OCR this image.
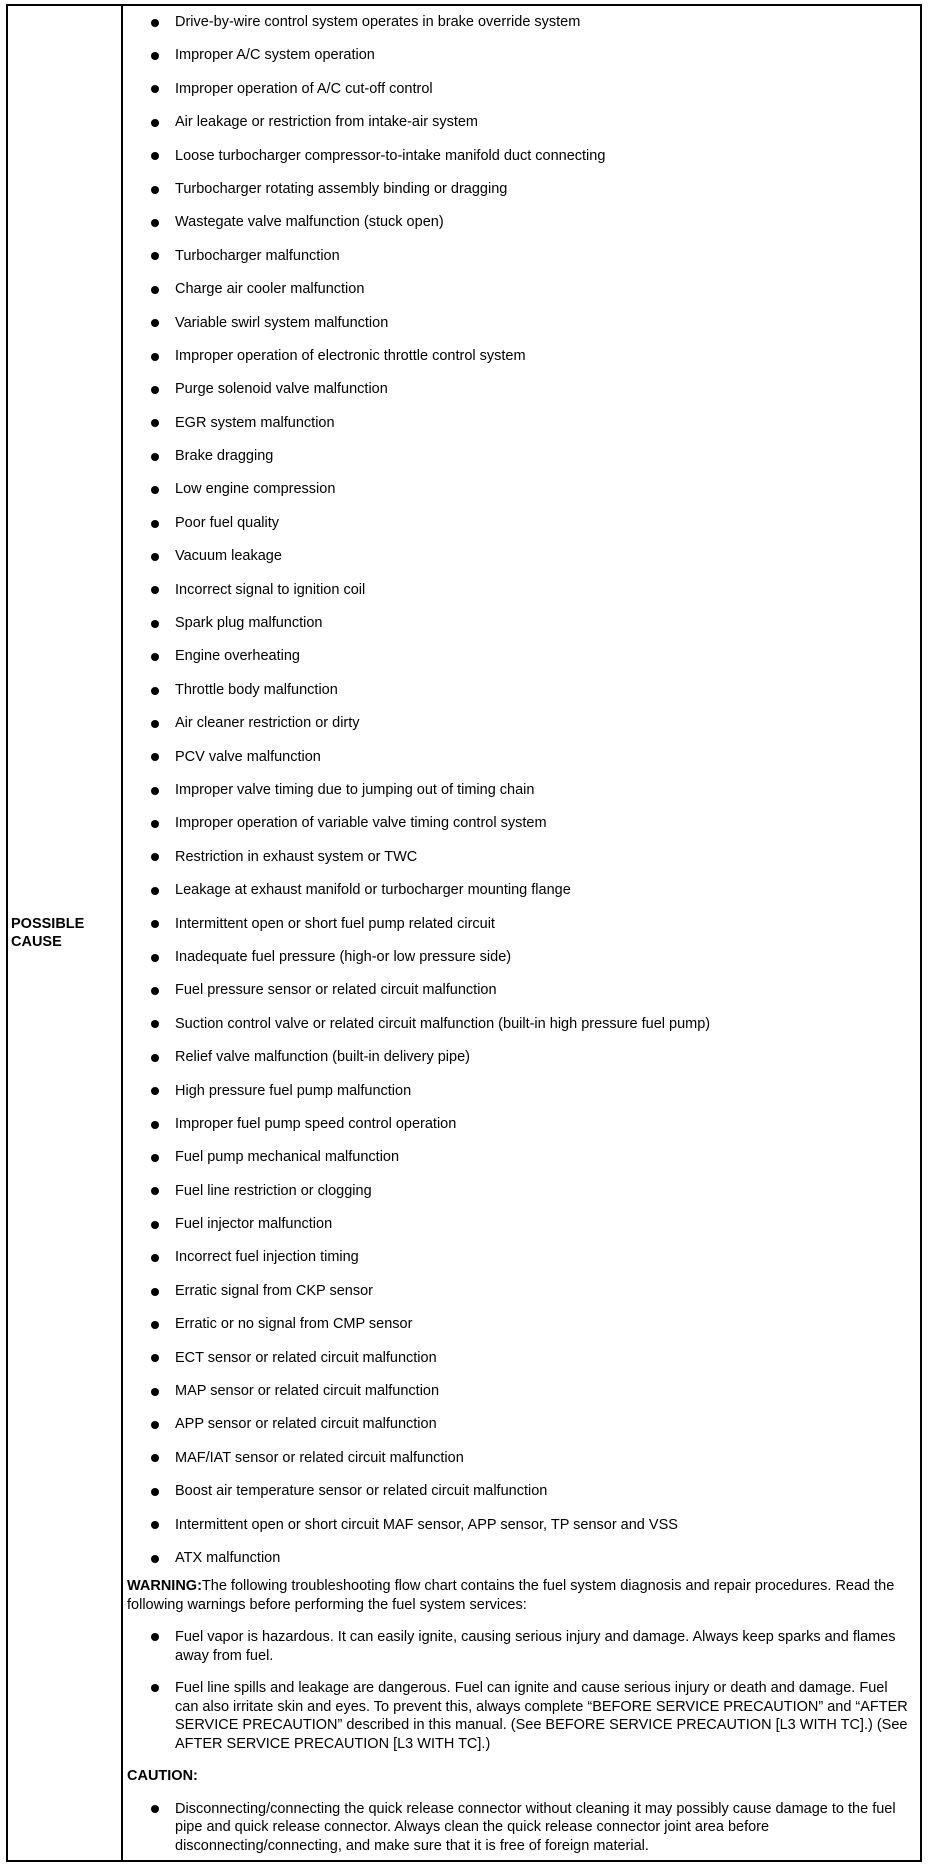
POSSIBLE
CAUSE
Drive-by-wire control system operates in brake override system
Improper A/C system operation
Improper operation of A/C cut-off control
Air leakage or restriction from intake-air system
Loose turbocharger compressor-to-intake manifold duct connecting
Turbocharger rotating assembly binding or dragging
Wastegate valve malfunction (stuck open)
Turbocharger malfunction
Charge air cooler malfunction
Variable swirl system malfunction
Improper operation of electronic throttle control system
Purge solenoid valve malfunction
EGR system malfunction
Brake dragging
Low engine compression
Poor fuel quality
Vacuum leakage
Incorrect signal to ignition coil
Spark plug malfunction
Engine overheating
Throttle body malfunction
Air cleaner restriction or dirty
PCV valve malfunction
Improper valve timing due to jumping out of timing chain
Improper operation of variable valve timing control system
Restriction in exhaust system or TWC
Leakage at exhaust manifold or turbocharger mounting flange
Intermittent open or short fuel pump related circuit
Inadequate fuel pressure (high-or low pressure side)
Fuel pressure sensor or related circuit malfunction
Suction control valve or related circuit malfunction (built-in high pressure fuel pump)
Relief valve malfunction (built-in delivery pipe)
High pressure fuel pump malfunction
Improper fuel pump speed control operation
Fuel pump mechanical malfunction
Fuel line restriction or clogging
Fuel injector malfunction
Incorrect fuel injection timing
Erratic signal from CKP sensor
Erratic or no signal from CMP sensor
ECT sensor or related circuit malfunction
MAP sensor or related circuit malfunction
APP sensor or related circuit malfunction
MAF/IAT sensor or related circuit malfunction
Boost air temperature sensor or related circuit malfunction
Intermittent open or short circuit MAF sensor, APP sensor, TP sensor and VSS
ATX malfunction
WARNING:The following troubleshooting flow chart contains the fuel system diagnosis and repair procedures. Read the following warnings before performing the fuel system services:
Fuel vapor is hazardous. It can easily ignite, causing serious injury and damage. Always keep sparks and flames away from fuel.
Fuel line spills and leakage are dangerous. Fuel can ignite and cause serious injury or death and damage. Fuel can also irritate skin and eyes. To prevent this, always complete “BEFORE SERVICE PRECAUTION” and “AFTER SERVICE PRECAUTION” described in this manual. (See BEFORE SERVICE PRECAUTION [L3 WITH TC].) (See AFTER SERVICE PRECAUTION [L3 WITH TC].)
CAUTION:
Disconnecting/connecting the quick release connector without cleaning it may possibly cause damage to the fuel pipe and quick release connector. Always clean the quick release connector joint area before disconnecting/connecting, and make sure that it is free of foreign material.
